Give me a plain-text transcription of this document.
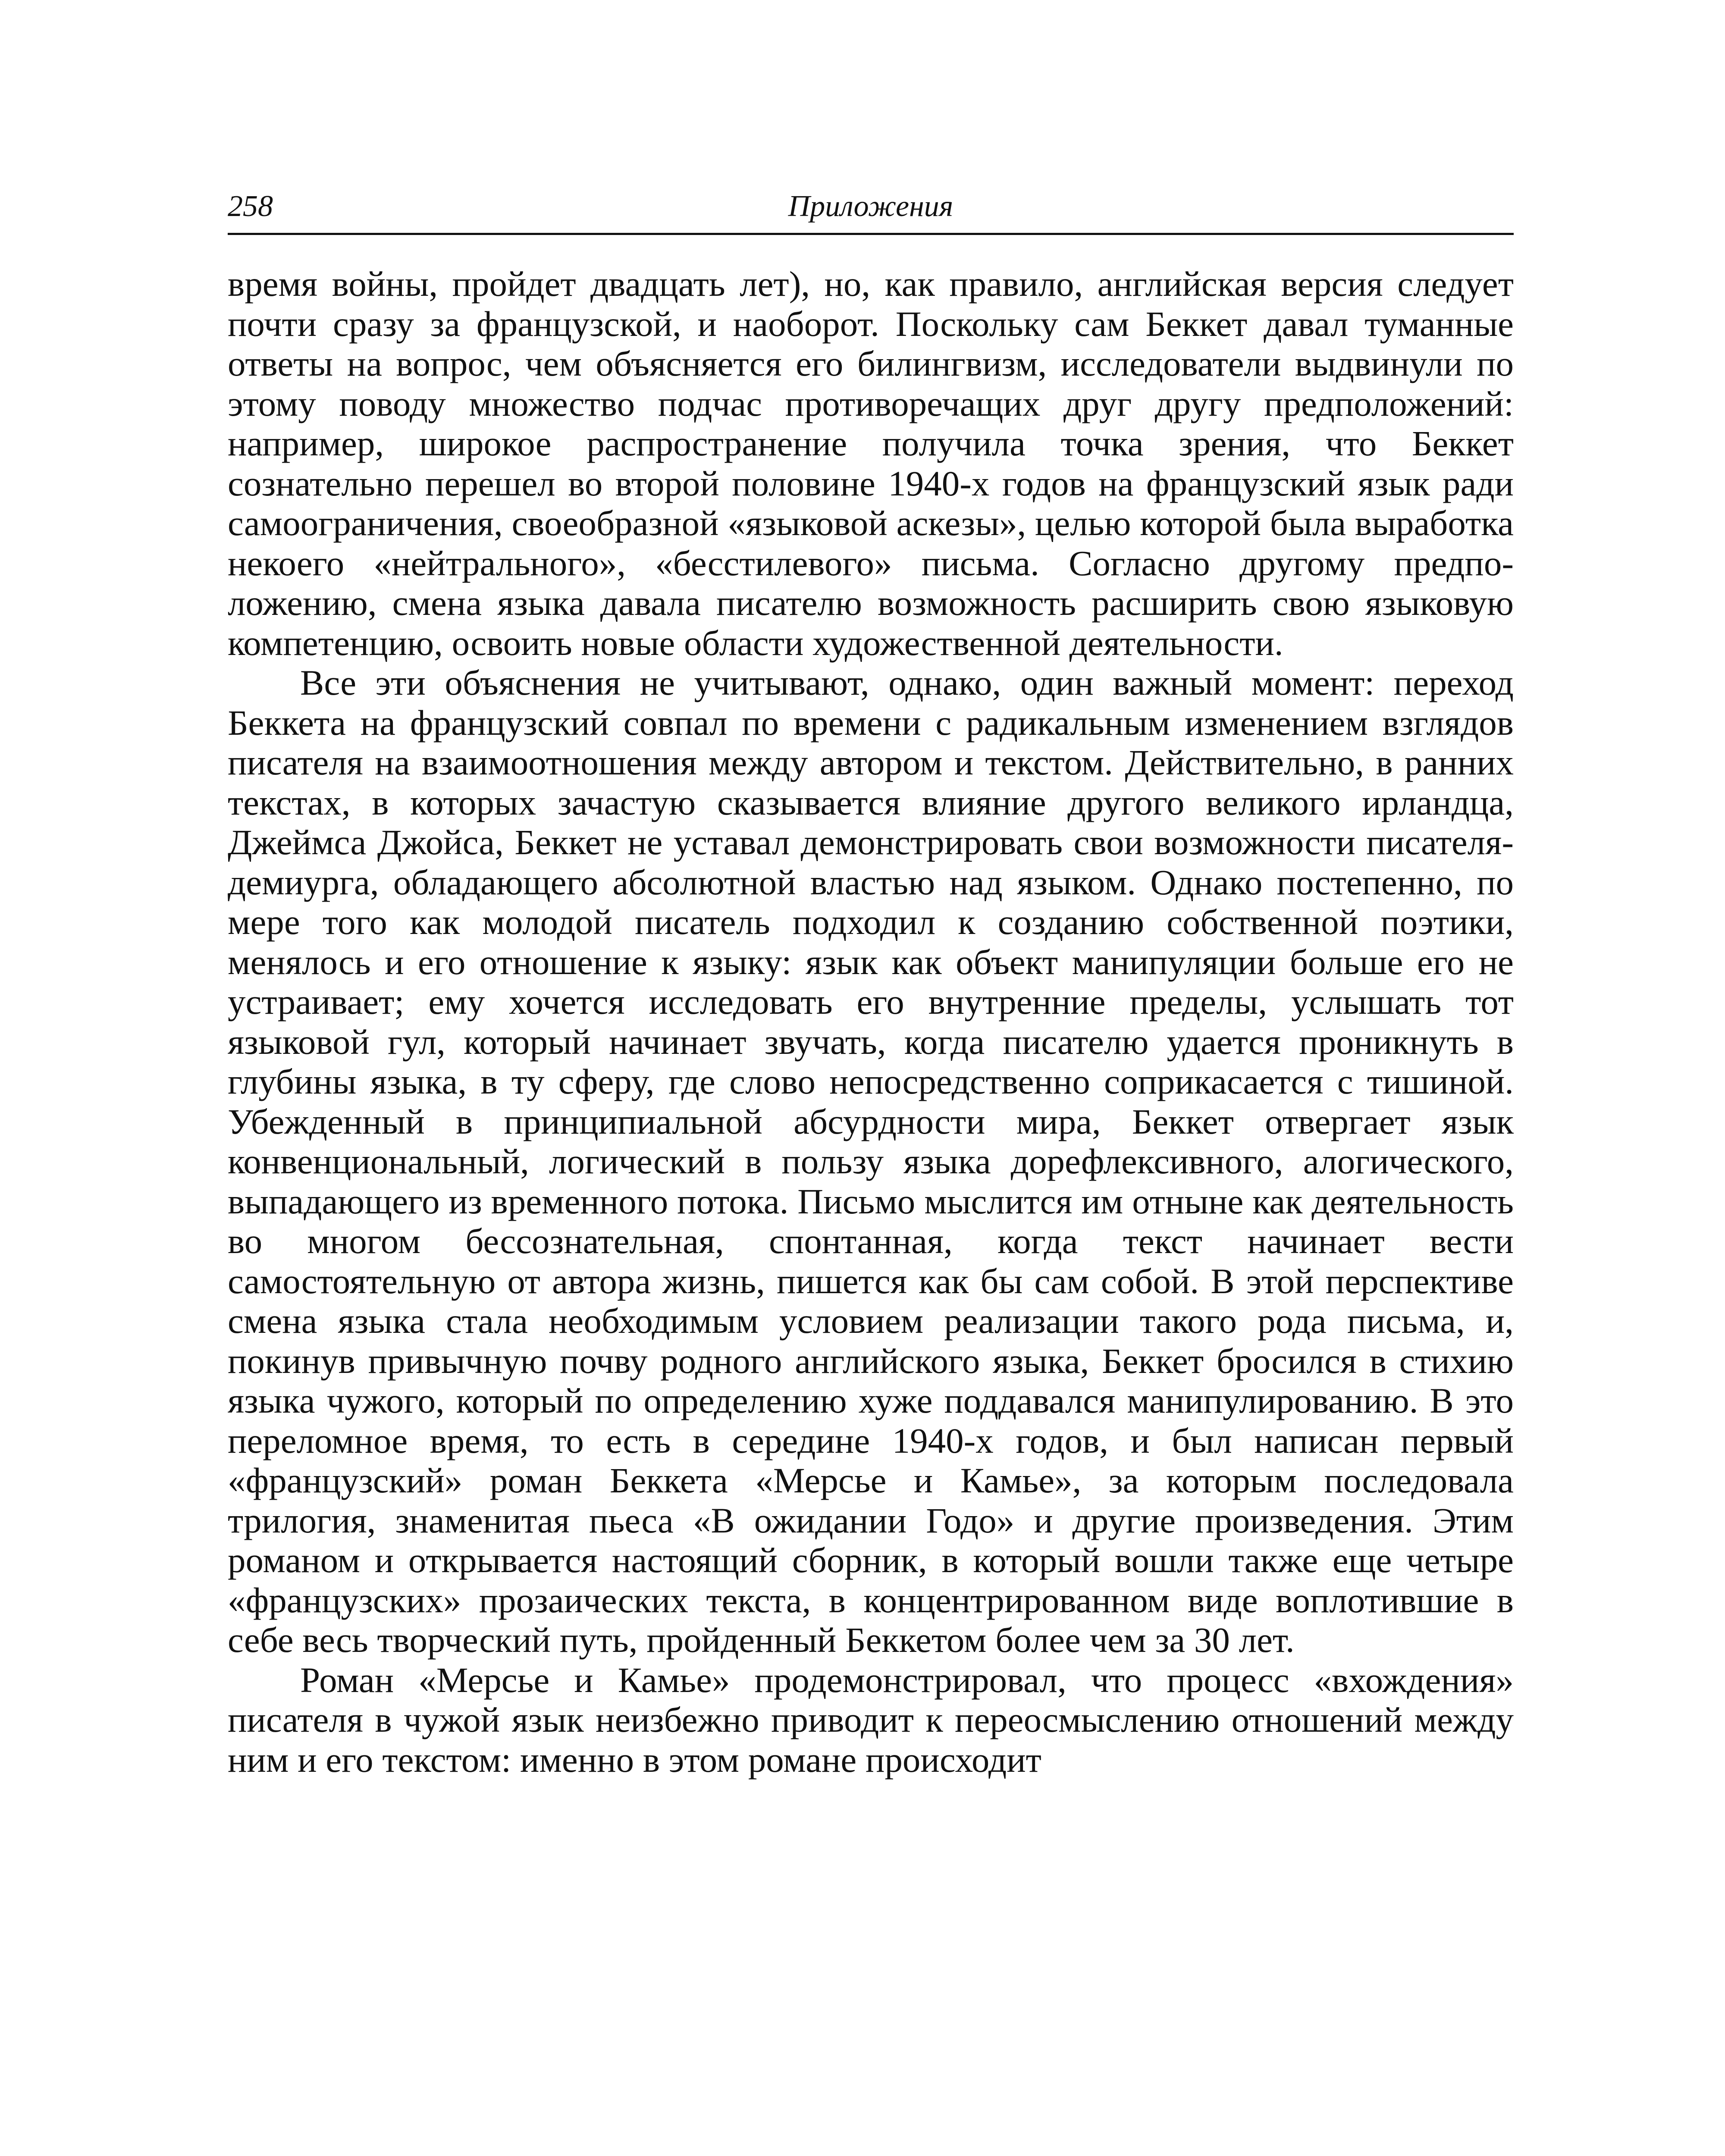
258	Приложения

время войны, пройдет двадцать лет), но, как правило, английская версия следует почти сразу за французской, и наоборот. Поскольку сам Беккет давал туманные ответы на вопрос, чем объясняется его билингвизм, исследователи выдвинули по этому поводу множество подчас противоречащих друг другу предположений: например, широкое распространение получила точка зрения, что Беккет сознательно перешел во второй половине 1940-х годов на французский язык ради самоограничения, своеобразной «языковой аскезы», целью которой была выработка некоего «нейтрального», «бесстилевого» письма. Согласно другому предположению, смена языка давала писателю возможность расширить свою языковую компетенцию, освоить новые области художественной деятельности.

Все эти объяснения не учитывают, однако, один важный момент: переход Беккета на французский совпал по времени с радикальным изменением взглядов писателя на взаимоотношения между автором и текстом. Действительно, в ранних текстах, в которых зачастую сказывается влияние другого великого ирландца, Джеймса Джойса, Беккет не уставал демонстрировать свои возможности писателя-демиурга, обладающего абсолютной властью над языком. Однако постепенно, по мере того как молодой писатель подходил к созданию собственной поэтики, менялось и его отношение к языку: язык как объект манипуляции больше его не устраивает; ему хочется исследовать его внутренние пределы, услышать тот языковой гул, который начинает звучать, когда писателю удается проникнуть в глубины языка, в ту сферу, где слово непосредственно соприкасается с тишиной. Убежденный в принципиальной абсурдности мира, Беккет отвергает язык конвенциональный, логический в пользу языка дорефлексивного, алогического, выпадающего из временного потока. Письмо мыслится им отныне как деятельность во многом бессознательная, спонтанная, когда текст начинает вести самостоятельную от автора жизнь, пишется как бы сам собой. В этой перспективе смена языка стала необходимым условием реализации такого рода письма, и, покинув привычную почву родного английского языка, Беккет бросился в стихию языка чужого, который по определению хуже поддавался манипулированию. В это переломное время, то есть в середине 1940-х годов, и был написан первый «французский» роман Беккета «Мерсье и Камье», за которым последовала трилогия, знаменитая пьеса «В ожидании Годо» и другие произведения. Этим романом и открывается настоящий сборник, в который вошли также еще четыре «французских» прозаических текста, в концентрированном виде воплотившие в себе весь творческий путь, пройденный Беккетом более чем за 30 лет.

Роман «Мерсье и Камье» продемонстрировал, что процесс «вхождения» писателя в чужой язык неизбежно приводит к переосмыслению отношений между ним и его текстом: именно в этом романе происходит
